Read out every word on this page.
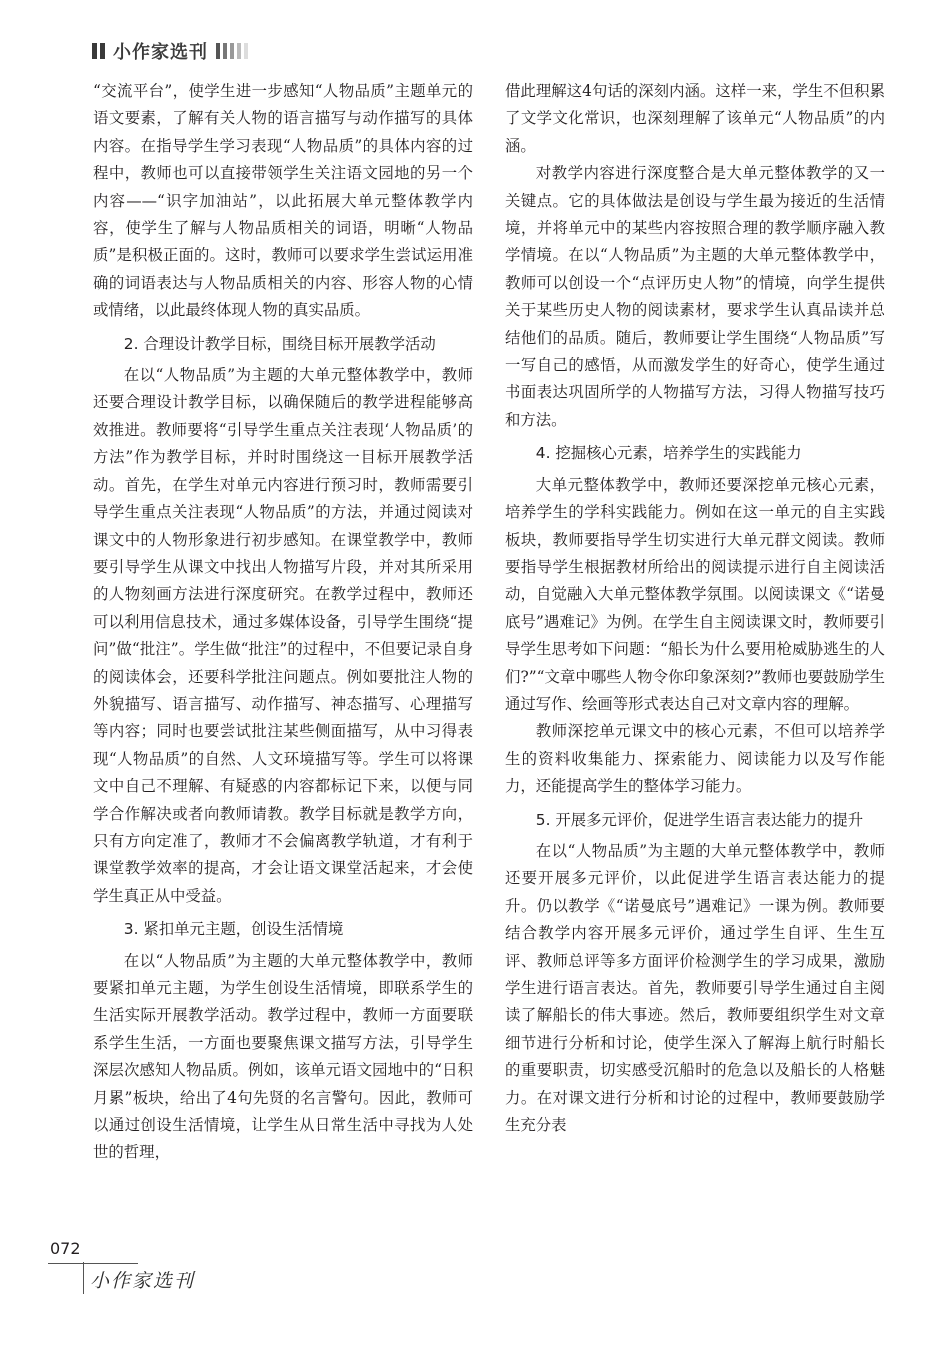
小作家选刊

“交流平台”，使学生进一步感知“人物品质”主题单元的语文要素，了解有关人物的语言描写与动作描写的具体内容。在指导学生学习表现“人物品质”的具体内容的过程中，教师也可以直接带领学生关注语文园地的另一个内容——“识字加油站”，以此拓展大单元整体教学内容，使学生了解与人物品质相关的词语，明晰“人物品质”是积极正面的。这时，教师可以要求学生尝试运用准确的词语表达与人物品质相关的内容、形容人物的心情或情绪，以此最终体现人物的真实品质。

2. 合理设计教学目标，围绕目标开展教学活动

在以“人物品质”为主题的大单元整体教学中，教师还要合理设计教学目标，以确保随后的教学进程能够高效推进。教师要将“引导学生重点关注表现‘人物品质’的方法”作为教学目标，并时时围绕这一目标开展教学活动。首先，在学生对单元内容进行预习时，教师需要引导学生重点关注表现“人物品质”的方法，并通过阅读对课文中的人物形象进行初步感知。在课堂教学中，教师要引导学生从课文中找出人物描写片段，并对其所采用的人物刻画方法进行深度研究。在教学过程中，教师还可以利用信息技术，通过多媒体设备，引导学生围绕“提问”做“批注”。学生做“批注”的过程中，不但要记录自身的阅读体会，还要科学批注问题点。例如要批注人物的外貌描写、语言描写、动作描写、神态描写、心理描写等内容；同时也要尝试批注某些侧面描写，从中习得表现“人物品质”的自然、人文环境描写等。学生可以将课文中自己不理解、有疑惑的内容都标记下来，以便与同学合作解决或者向教师请教。教学目标就是教学方向，只有方向定准了，教师才不会偏离教学轨道，才有利于课堂教学效率的提高，才会让语文课堂活起来，才会使学生真正从中受益。

3. 紧扣单元主题，创设生活情境

在以“人物品质”为主题的大单元整体教学中，教师要紧扣单元主题，为学生创设生活情境，即联系学生的生活实际开展教学活动。教学过程中，教师一方面要联系学生生活，一方面也要聚焦课文描写方法，引导学生深层次感知人物品质。例如，该单元语文园地中的“日积月累”板块，给出了4句先贤的名言警句。因此，教师可以通过创设生活情境，让学生从日常生活中寻找为人处世的哲理，

借此理解这4句话的深刻内涵。这样一来，学生不但积累了文学文化常识，也深刻理解了该单元“人物品质”的内涵。

对教学内容进行深度整合是大单元整体教学的又一关键点。它的具体做法是创设与学生最为接近的生活情境，并将单元中的某些内容按照合理的教学顺序融入教学情境。在以“人物品质”为主题的大单元整体教学中，教师可以创设一个“点评历史人物”的情境，向学生提供关于某些历史人物的阅读素材，要求学生认真品读并总结他们的品质。随后，教师要让学生围绕“人物品质”写一写自己的感悟，从而激发学生的好奇心，使学生通过书面表达巩固所学的人物描写方法，习得人物描写技巧和方法。

4. 挖掘核心元素，培养学生的实践能力

大单元整体教学中，教师还要深挖单元核心元素，培养学生的学科实践能力。例如在这一单元的自主实践板块，教师要指导学生切实进行大单元群文阅读。教师要指导学生根据教材所给出的阅读提示进行自主阅读活动，自觉融入大单元整体教学氛围。以阅读课文《“诺曼底号”遇难记》为例。在学生自主阅读课文时，教师要引导学生思考如下问题：“船长为什么要用枪威胁逃生的人们?”“文章中哪些人物令你印象深刻?”教师也要鼓励学生通过写作、绘画等形式表达自己对文章内容的理解。

教师深挖单元课文中的核心元素，不但可以培养学生的资料收集能力、探索能力、阅读能力以及写作能力，还能提高学生的整体学习能力。

5. 开展多元评价，促进学生语言表达能力的提升

在以“人物品质”为主题的大单元整体教学中，教师还要开展多元评价，以此促进学生语言表达能力的提升。仍以教学《“诺曼底号”遇难记》一课为例。教师要结合教学内容开展多元评价，通过学生自评、生生互评、教师总评等多方面评价检测学生的学习成果，激励学生进行语言表达。首先，教师要引导学生通过自主阅读了解船长的伟大事迹。然后，教师要组织学生对文章细节进行分析和讨论，使学生深入了解海上航行时船长的重要职责，切实感受沉船时的危急以及船长的人格魅力。在对课文进行分析和讨论的过程中，教师要鼓励学生充分表

072
小作家选刊
